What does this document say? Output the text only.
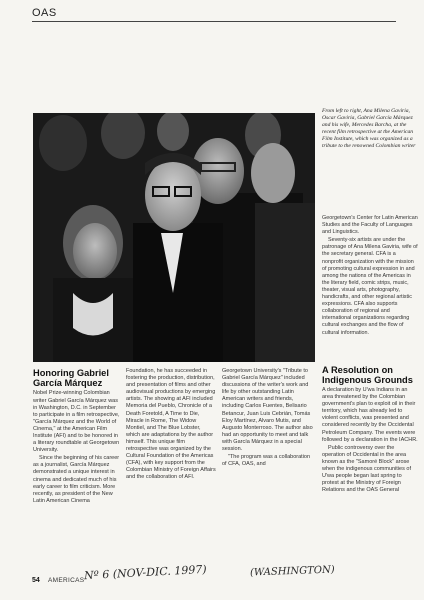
OAS
From left to right, Ana Milena Gaviria, Oscar Gaviria, Gabriel García Márquez and his wife, Mercedes Barcha, at the recent film retrospective at the American Film Institute, which was organized as a tribute to the renowned Colombian writer

Georgetown's Center for Latin American Studies and the Faculty of Languages and Linguistics.

Seventy-six artists are under the patronage of Ana Milena Gaviria, wife of the secretary general. CFA is a nonprofit organization with the mission of promoting cultural expression in and among the nations of the Americas in the literary field, comic strips, music, theater, visual arts, photography, handicrafts, and other regional artistic expressions. CFA also supports collaboration of regional and international organizations regarding cultural exchanges and the flow of cultural information.

Honoring Gabriel García Márquez

Nobel Prize-winning Colombian writer Gabriel García Márquez was in Washington, D.C. in September to participate in a film retrospective, "García Márquez and the World of Cinema," at the American Film Institute (AFI) and to be honored in a literary roundtable at Georgetown University.

Since the beginning of his career as a journalist, García Márquez demonstrated a unique interest in cinema and dedicated much of his early career to film criticism. More recently, as president of the New Latin American Cinema

Foundation, he has succeeded in fostering the production, distribution, and presentation of films and other audiovisual productions by emerging artists. The showing at AFI included Memoria del Pueblo, Chronicle of a Death Foretold, A Time to Die, Miracle in Rome, The Widow Montiel, and The Blue Lobster, which are adaptations by the author himself. This unique film retrospective was organized by the Cultural Foundation of the Americas (CFA), with key support from the Colombian Ministry of Foreign Affairs and the collaboration of AFI.

Georgetown University's "Tribute to Gabriel García Márquez" included discussions of the writer's work and life by other outstanding Latin American writers and friends, including Carlos Fuentes, Belisario Betancur, Juan Luis Cebrián, Tomás Eloy Martínez, Alvaro Mutis, and Augusto Monterroso. The author also had an opportunity to meet and talk with García Márquez in a special session.

"The program was a collaboration of CFA, OAS, and

A Resolution on Indigenous Grounds

A declaration by U'wa Indians in an area threatened by the Colombian government's plan to exploit oil in their territory, which has already led to violent conflicts, was presented and considered recently by the Occidental Petroleum Company. The events were followed by a declaration in the IACHR.

Public controversy over the operation of Occidental in the area known as the "Samoré Block" arose when the indigenous communities of U'wa people began last spring to protest at the Ministry of Foreign Relations and the OAS General

54 AMERICAS Nº 6 (NOV-DIC. 1997)	(WASHINGTON)
